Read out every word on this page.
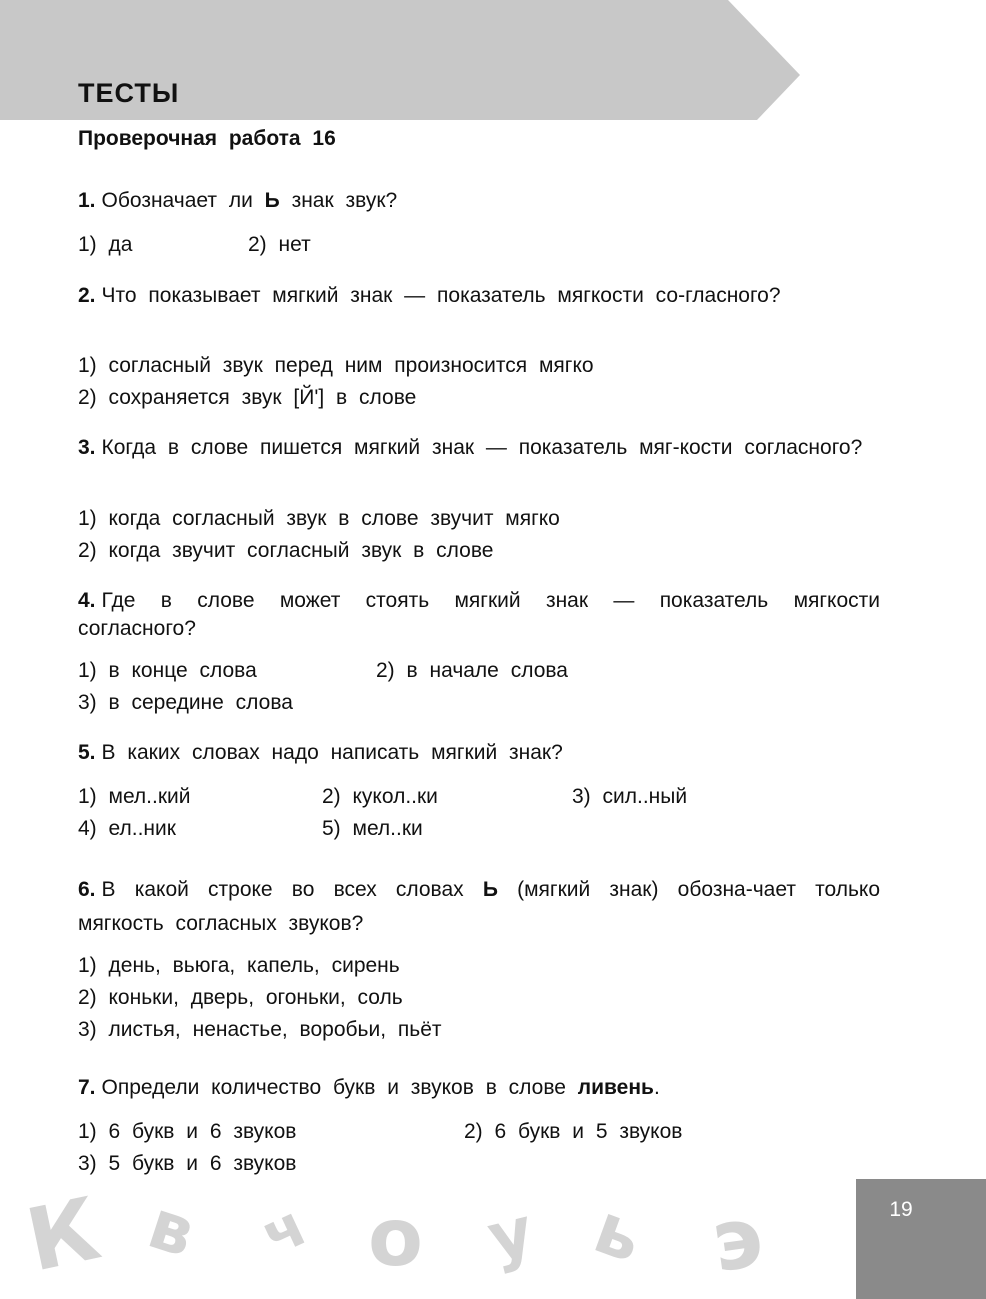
ТЕСТЫ
Проверочная работа 16
1. Обозначает ли Ь знак звук?
1) да	2) нет
2. Что показывает мягкий знак — показатель мягкости со-гласного?
1) согласный звук перед ним произносится мягко
2) сохраняется звук [Й'] в слове
3. Когда в слове пишется мягкий знак — показатель мяг-кости согласного?
1) когда согласный звук в слове звучит мягко
2) когда звучит согласный звук в слове
4. Где в слове может стоять мягкий знак — показатель мягкости согласного?
1) в конце слова	2) в начале слова
3) в середине слова
5. В каких словах надо написать мягкий знак?
1) мел..кий	2) кукол..ки	3) сил..ный
4) ел..ник	5) мел..ки
6. В какой строке во всех словах Ь (мягкий знак) обозна-чает только мягкость согласных звуков?
1) день, вьюга, капель, сирень
2) коньки, дверь, огоньки, соль
3) листья, ненастье, воробьи, пьёт
7. Определи количество букв и звуков в слове ливень.
1) 6 букв и 6 звуков	2) 6 букв и 5 звуков
3) 5 букв и 6 звуков
К в ч о у ь э	19
